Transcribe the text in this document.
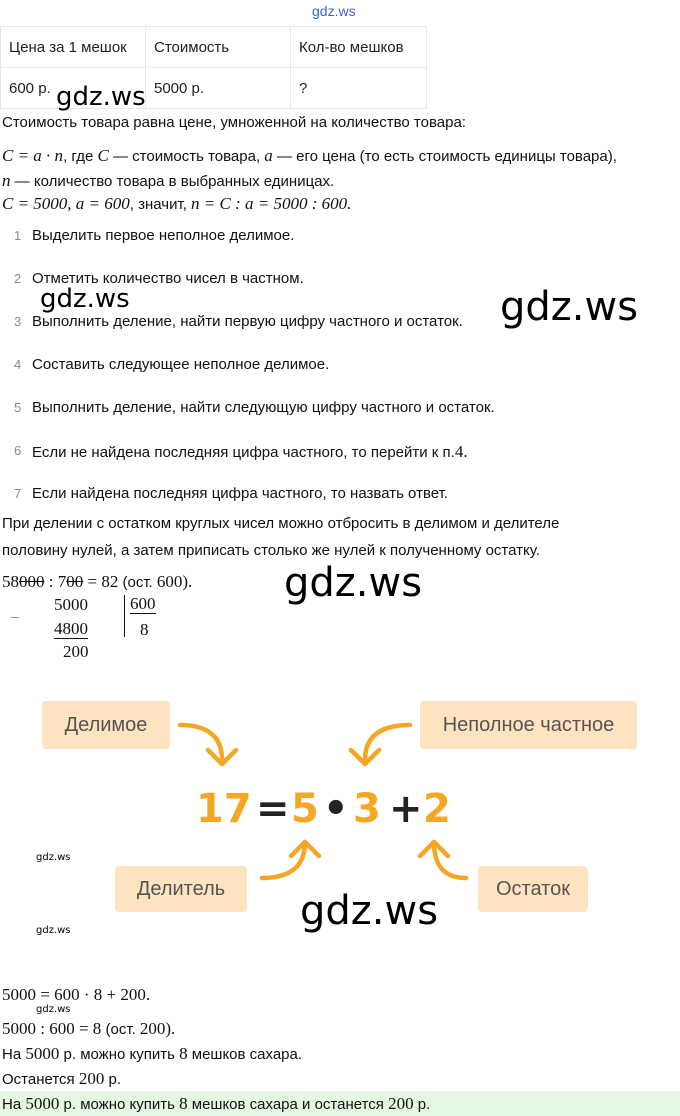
gdz.ws
Цена за 1 мешок	Стоимость	Кол-во мешков
600 р.	5000 р.	?
gdz.ws
Стоимость товара равна цене, умноженной на количество товара:
C = a · n, где C — стоимость товара, a — его цена (то есть стоимость единицы товара),
n — количество товара в выбранных единицах.
C = 5000, a = 600, значит, n = C : a = 5000 : 600.
1 Выделить первое неполное делимое.
2 Отметить количество чисел в частном.
3 Выполнить деление, найти первую цифру частного и остаток.
4 Составить следующее неполное делимое.
5 Выполнить деление, найти следующую цифру частного и остаток.
6 Если не найдена последняя цифра частного, то перейти к п.4.
7 Если найдена последняя цифра частного, то назвать ответ.
gdz.ws	gdz.ws
При делении с остатком круглых чисел можно отбросить в делимом и делителе
половину нулей, а затем приписать столько же нулей к полученному остатку.
58000 : 700 = 82 (ост. 600).
−
5000
4800
200
600
8
gdz.ws
Делимое	Неполное частное
Делитель	Остаток
17 = 5 • 3 + 2
gdz.ws
gdz.ws	gdz.ws
5000 = 600 · 8 + 200.
gdz.ws
5000 : 600 = 8 (ост. 200).
На 5000 р. можно купить 8 мешков сахара.
Останется 200 р.
На 5000 р. можно купить 8 мешков сахара и останется 200 р.
